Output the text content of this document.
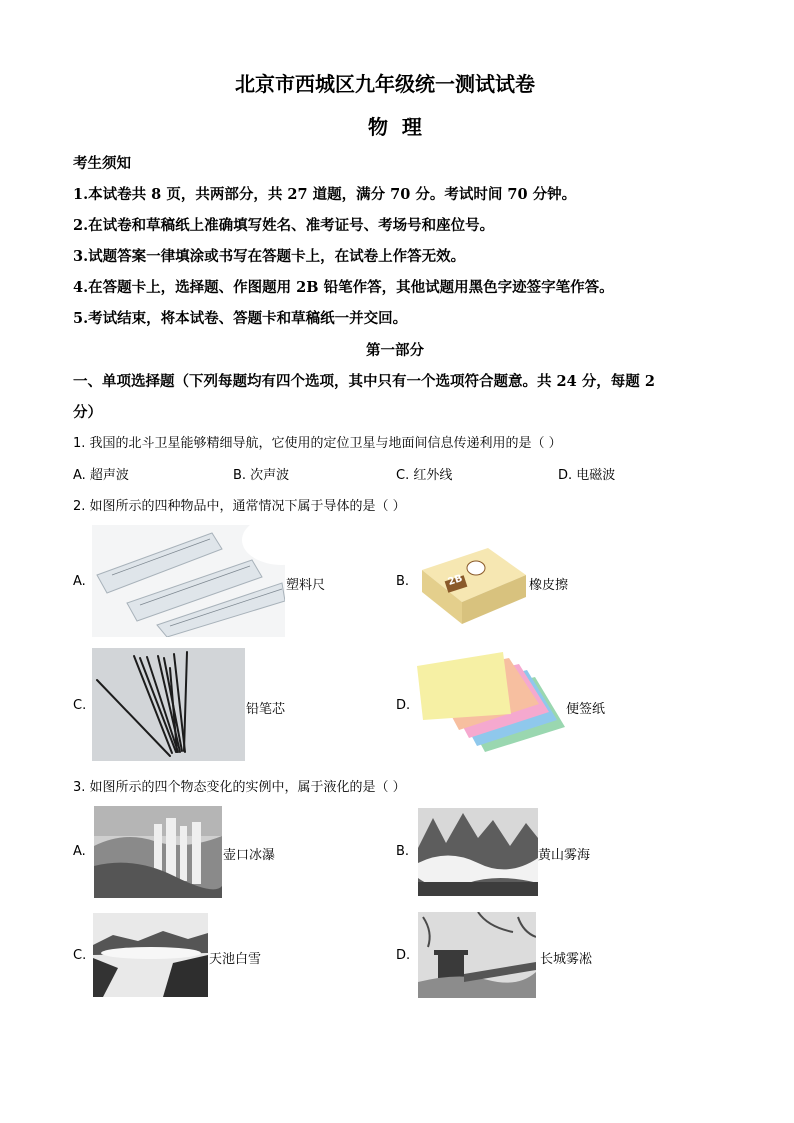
北京市西城区九年级统一测试试卷
物  理
考生须知
1.本试卷共 8 页，共两部分，共 27 道题，满分 70 分。考试时间 70 分钟。
2.在试卷和草稿纸上准确填写姓名、准考证号、考场号和座位号。
3.试题答案一律填涂或书写在答题卡上，在试卷上作答无效。
4.在答题卡上，选择题、作图题用 2B 铅笔作答，其他试题用黑色字迹签字笔作答。
5.考试结束，将本试卷、答题卡和草稿纸一并交回。
第一部分
一、单项选择题（下列每题均有四个选项，其中只有一个选项符合题意。共 24 分，每题 2
分）
1. 我国的北斗卫星能够精细导航，它使用的定位卫星与地面间信息传递利用的是（ ）
A. 超声波	B. 次声波	C. 红外线	D. 电磁波
2. 如图所示的四种物品中，通常情况下属于导体的是（ ）
A.	塑料尺	B.	2B	橡皮擦
C.	铅笔芯	D.	便签纸
3. 如图所示的四个物态变化的实例中，属于液化的是（ ）
A.	壶口冰瀑	B.	黄山雾海
C.	天池白雪	D.	长城雾凇
